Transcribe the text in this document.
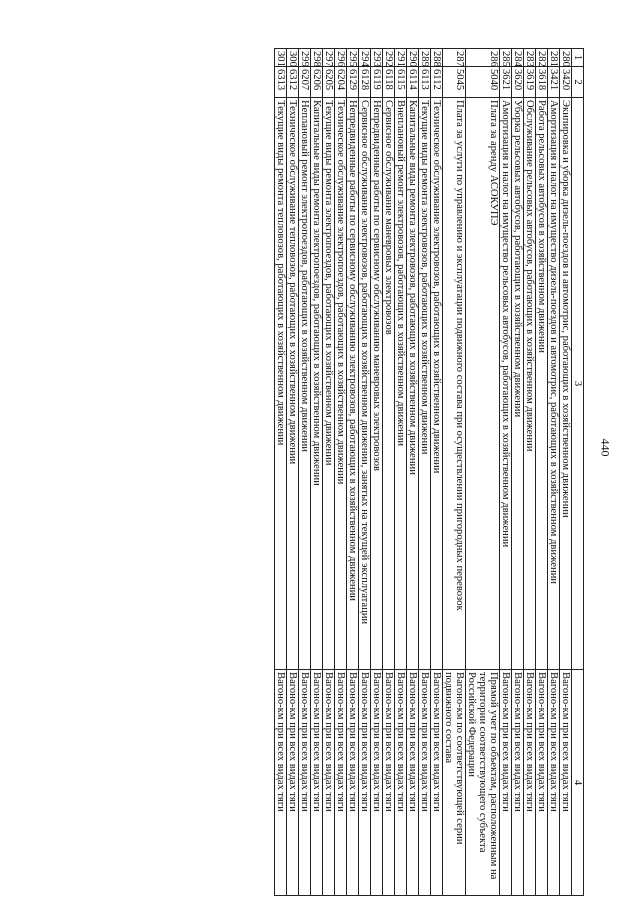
440
1	2	3	4
280	3420	Экипировка и уборка дизель-поездов и автомотрис, работающих в хозяйственном движении	Вагоно-км при всех видах тяги
281	3421	Амортизация и налог на имущество дизель-поездов и автомотрис, работающих в хозяйственном движении	Вагоно-км при всех видах тяги
282	3618	Работа рельсовых автобусов в хозяйственном движении	Вагоно-км при всех видах тяги
283	3619	Обслуживание рельсовых автобусов, работающих в хозяйственном движении	Вагоно-км при всех видах тяги
284	3620	Уборка рельсовых автобусов, работающих в хозяйственном движении	Вагоно-км при всех видах тяги
285	3621	Амортизация и налог на имущество рельсовых автобусов, работающих в хозяйственном движении	Вагоно-км при всех видах тяги
286	5040	Плата за аренду АСОКУПЭ	Прямой учет по объектам, расположенным на территории соответствующего субъекта Российской Федерации
287	5045	Плата за услуги по управлению и эксплуатации подвижного состава при осуществлении пригородных перевозок	Вагоно-км по соответствующей серии подвижного состава
288	6112	Техническое обслуживание электровозов, работающих в хозяйственном движении	Вагоно-км при всех видах тяги
289	6113	Текущие виды ремонта электровозов, работающих в хозяйственном движении	Вагоно-км при всех видах тяги
290	6114	Капитальные виды ремонта электровозов, работающих в хозяйственном движении	Вагоно-км при всех видах тяги
291	6115	Внеплановый ремонт электровозов, работающих в хозяйственном движении	Вагоно-км при всех видах тяги
292	6118	Сервисное обслуживание маневровых электровозов	Вагоно-км при всех видах тяги
293	6119	Непредвиденные работы по сервисному обслуживанию маневровых электровозов	Вагоно-км при всех видах тяги
294	6128	Сервисное обслуживание электровозов, работающих в хозяйственном движении, занятых на текущей эксплуатации	Вагоно-км при всех видах тяги
295	6129	Непредвиденные работы по сервисному обслуживанию электровозов, работающих в хозяйственном движении	Вагоно-км при всех видах тяги
296	6204	Техническое обслуживание электропоездов, работающих в хозяйственном движении	Вагоно-км при всех видах тяги
297	6205	Текущие виды ремонта электропоездов, работающих в хозяйственном движении	Вагоно-км при всех видах тяги
298	6206	Капитальные виды ремонта электропоездов, работающих в хозяйственном движении	Вагоно-км при всех видах тяги
299	6207	Неплановый ремонт электропоездов, работающих в хозяйственном движении	Вагоно-км при всех видах тяги
300	6312	Техническое обслуживание тепловозов, работающих в хозяйственном движении	Вагоно-км при всех видах тяги
301	6313	Текущие виды ремонта тепловозов, работающих в хозяйственном движении	Вагоно-км при всех видах тяги
